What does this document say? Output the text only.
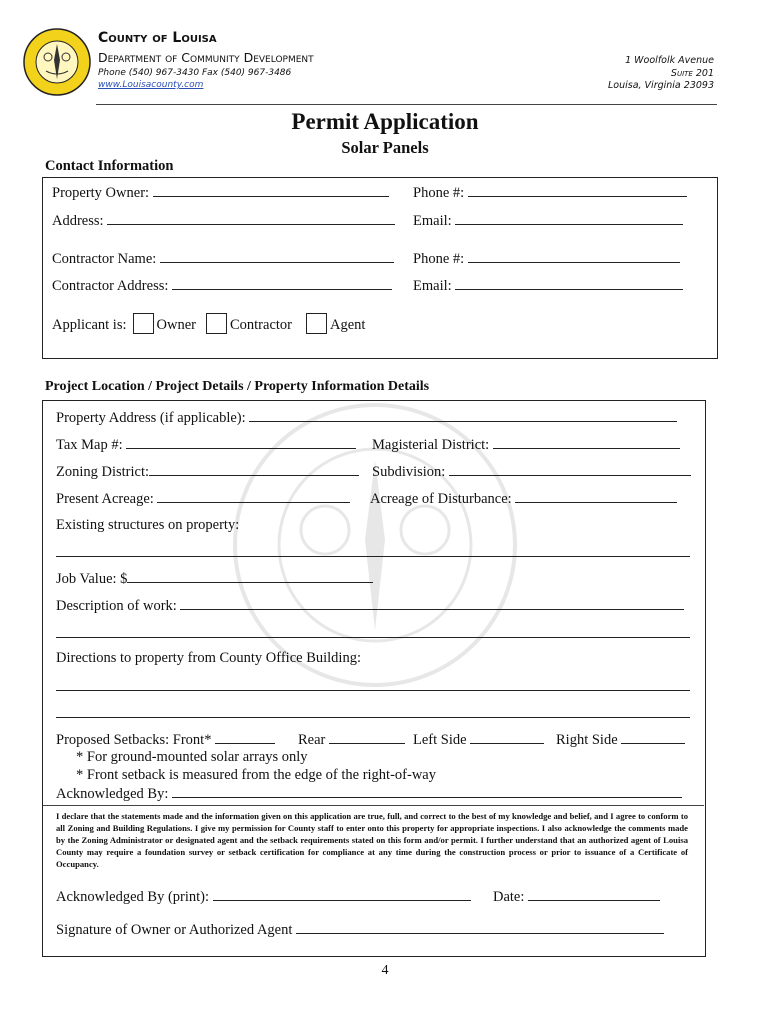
County of Louisa
Department of Community Development
Phone (540) 967-3430 Fax (540) 967-3486
www.Louisacounty.com
1 Woolfolk Avenue
Suite 201
Louisa, Virginia 23093
Permit Application
Solar Panels
Contact Information
Property Owner:	Phone #:
Address:	Email:
Contractor Name:	Phone #:
Contractor Address:	Email:
Applicant is: Owner Contractor	Agent
Project Location / Project Details / Property Information Details
Property Address (if applicable):
Tax Map #:	Magisterial District:
Zoning District:	Subdivision:
Present Acreage:	Acreage of Disturbance:
Existing structures on property:
Job Value: $
Description of work:
Directions to property from County Office Building:
Proposed Setbacks: Front*	Rear	Left Side	Right Side
* For ground-mounted solar arrays only
* Front setback is measured from the edge of the right-of-way
Acknowledged By:
I declare that the statements made and the information given on this application are true, full, and correct to the best of my knowledge and belief, and I agree to conform to all Zoning and Building Regulations. I give my permission for County staff to enter onto this property for appropriate inspections. I also acknowledge the comments made by the Zoning Administrator or designated agent and the setback requirements stated on this form and/or permit. I further understand that an authorized agent of Louisa County may require a foundation survey or setback certification for compliance at any time during the construction process or prior to issuance of a Certificate of Occupancy.
Acknowledged By (print):	Date:
Signature of Owner or Authorized Agent
4
